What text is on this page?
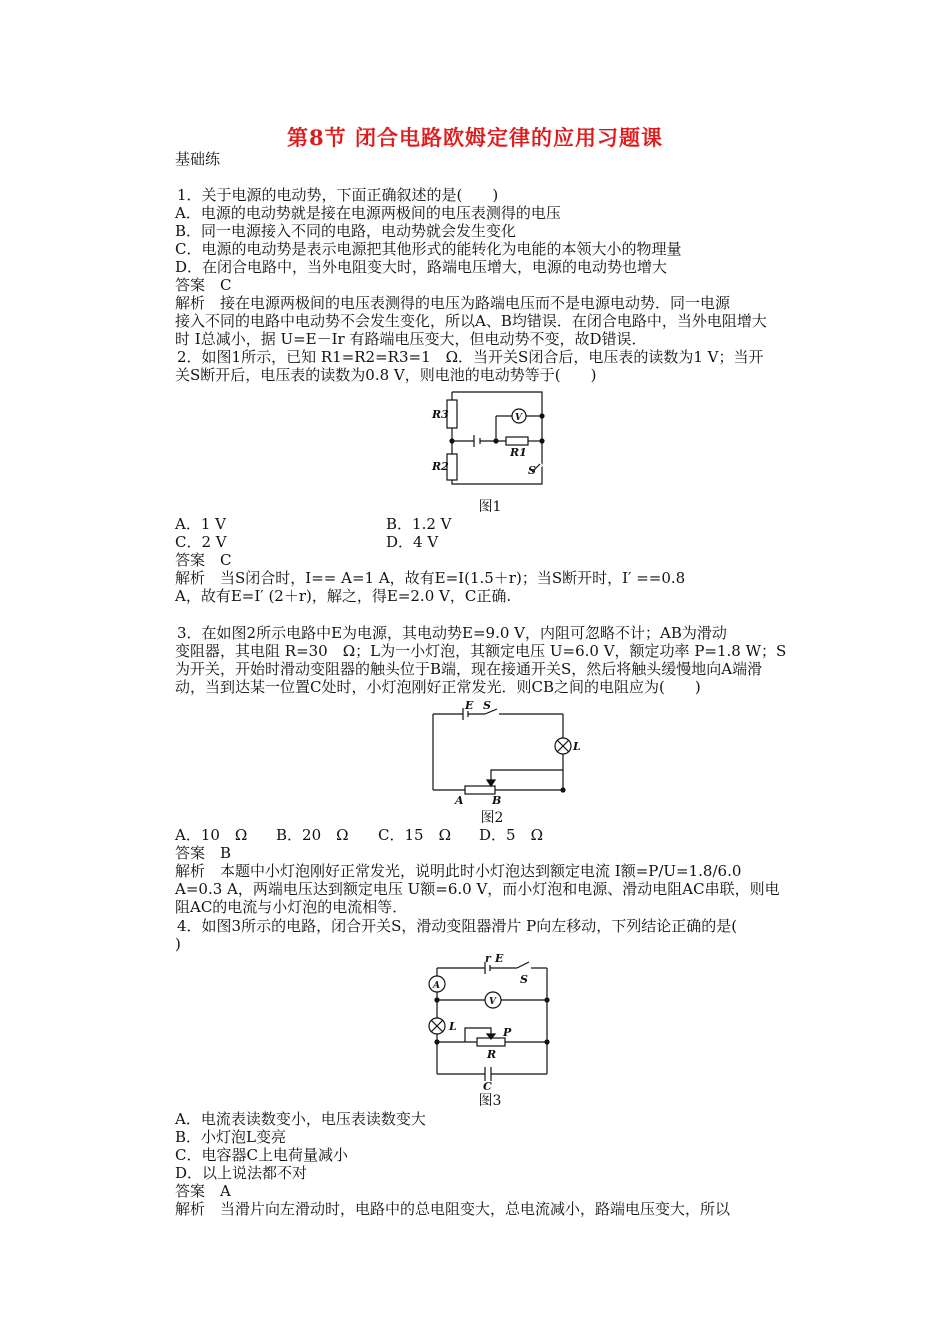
第8节 闭合电路欧姆定律的应用习题课
基础练
1．关于电源的电动势，下面正确叙述的是(　　)
A．电源的电动势就是接在电源两极间的电压表测得的电压
B．同一电源接入不同的电路，电动势就会发生变化
C．电源的电动势是表示电源把其他形式的能转化为电能的本领大小的物理量
D．在闭合电路中，当外电阻变大时，路端电压增大，电源的电动势也增大
答案　C
解析　接在电源两极间的电压表测得的电压为路端电压而不是电源电动势．同一电源
接入不同的电路中电动势不会发生变化，所以A、B均错误．在闭合电路中，当外电阻增大
时 I总减小，据 U=E－Ir 有路端电压变大，但电动势不变，故D错误．
2．如图1所示，已知 R1=R2=R3=1　Ω．当开关S闭合后，电压表的读数为1 V；当开
关S断开后，电压表的读数为0.8 V，则电池的电动势等于(　　)
R3
R2
R1
S
V
图1
A．1 V	B．1.2 V
C．2 V	D．4 V
答案　C
解析　当S闭合时，I== A=1 A，故有E=I(1.5＋r)；当S断开时，I′ ==0.8
A，故有E=I′ (2＋r)，解之，得E=2.0 V，C正确.
3．在如图2所示电路中E为电源，其电动势E=9.0 V，内阻可忽略不计；AB为滑动
变阻器，其电阻 R=30　Ω；L为一小灯泡，其额定电压 U=6.0 V，额定功率 P=1.8 W；S
为开关，开始时滑动变阻器的触头位于B端，现在接通开关S，然后将触头缓慢地向A端滑
动，当到达某一位置C处时，小灯泡刚好正常发光．则CB之间的电阻应为(　　)
E S
L
A	B
图2
A．10　Ω	B．20　Ω	C．15　Ω	D．5　Ω
答案　B
解析　本题中小灯泡刚好正常发光，说明此时小灯泡达到额定电流 I额=P/U=1.8/6.0
A=0.3 A，两端电压达到额定电压 U额=6.0 V，而小灯泡和电源、滑动电阻AC串联，则电
阻AC的电流与小灯泡的电流相等．
4．如图3所示的电路，闭合开关S，滑动变阻器滑片 P向左移动，下列结论正确的是(
)
r E
S
A
V
L	P
R
C
图3
A．电流表读数变小，电压表读数变大
B．小灯泡L变亮
C．电容器C上电荷量减小
D．以上说法都不对
答案　A
解析　当滑片向左滑动时，电路中的总电阻变大，总电流减小，路端电压变大，所以
